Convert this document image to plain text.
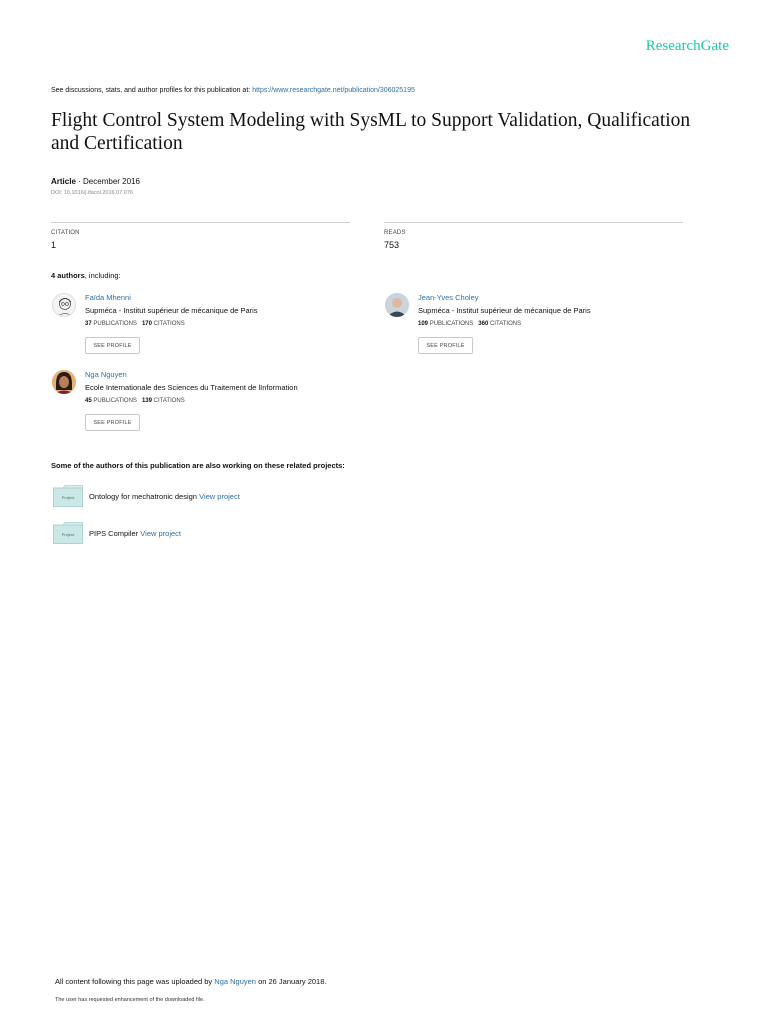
ResearchGate
See discussions, stats, and author profiles for this publication at: https://www.researchgate.net/publication/306025195
Flight Control System Modeling with SysML to Support Validation, Qualification and Certification
Article · December 2016
DOI: 10.1016/j.ifacol.2016.07.076
CITATION
1
READS
753
4 authors, including:
Faïda Mhenni
Supméca - Institut supérieur de mécanique de Paris
37 PUBLICATIONS 170 CITATIONS
SEE PROFILE
Jean-Yves Choley
Supméca - Institut supérieur de mécanique de Paris
109 PUBLICATIONS 360 CITATIONS
SEE PROFILE
Nga Nguyen
Ecole Internationale des Sciences du Traitement de lInformation
45 PUBLICATIONS 139 CITATIONS
SEE PROFILE
Some of the authors of this publication are also working on these related projects:
Project	Ontology for mechatronic design View project
Project	PIPS Compiler View project
All content following this page was uploaded by Nga Nguyen on 26 January 2018.
The user has requested enhancement of the downloaded file.
